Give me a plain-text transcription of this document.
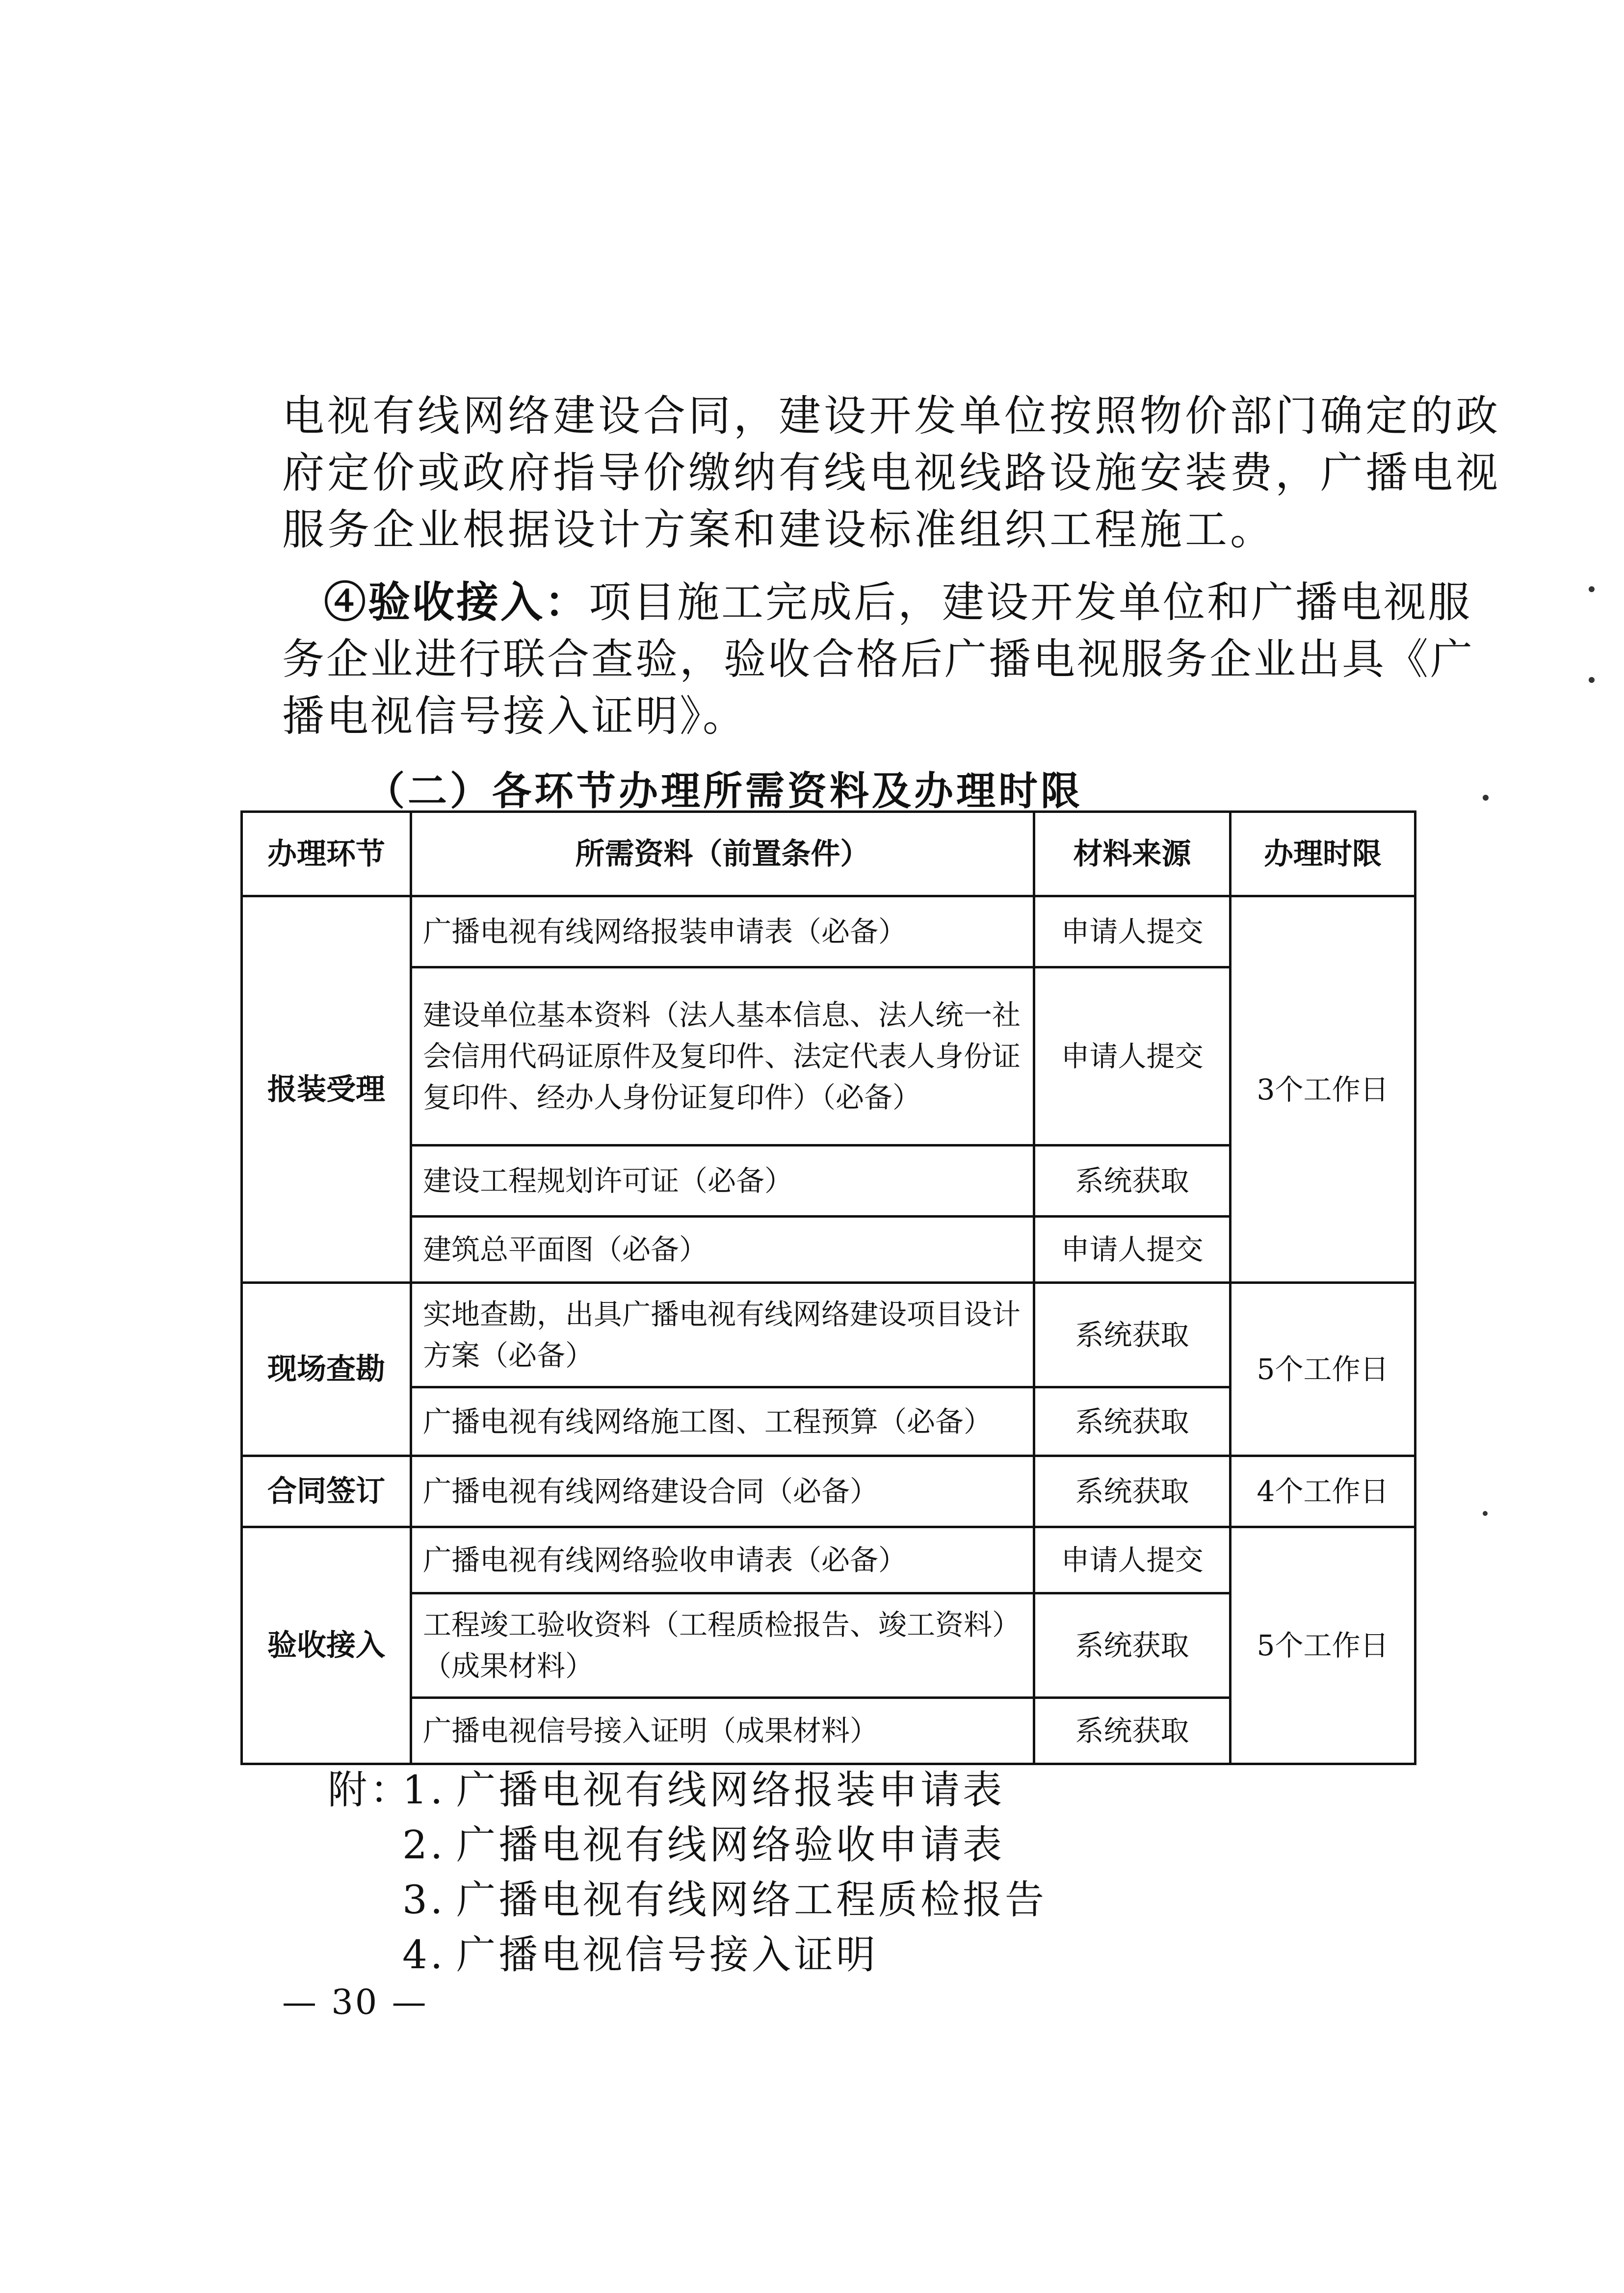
电视有线网络建设合同，建设开发单位按照物价部门确定的政
府定价或政府指导价缴纳有线电视线路设施安装费，广播电视
服务企业根据设计方案和建设标准组织工程施工。
④验收接入：项目施工完成后，建设开发单位和广播电视服
务企业进行联合查验，验收合格后广播电视服务企业出具《广
播电视信号接入证明》。
（二）各环节办理所需资料及办理时限
办理环节	所需资料（前置条件）	材料来源	办理时限
报装受理	广播电视有线网络报装申请表（必备）	申请人提交	3个工作日
	建设单位基本资料（法人基本信息、法人统一社会信用代码证原件及复印件、法定代表人身份证复印件、经办人身份证复印件）（必备）	申请人提交	
	建设工程规划许可证（必备）	系统获取	
	建筑总平面图（必备）	申请人提交	
现场查勘	实地查勘，出具广播电视有线网络建设项目设计方案（必备）	系统获取	5个工作日
	广播电视有线网络施工图、工程预算（必备）	系统获取	
合同签订	广播电视有线网络建设合同（必备）	系统获取	4个工作日
验收接入	广播电视有线网络验收申请表（必备）	申请人提交	5个工作日
	工程竣工验收资料（工程质检报告、竣工资料）（成果材料）	系统获取	
	广播电视信号接入证明（成果材料）	系统获取	
附：1. 广播电视有线网络报装申请表
2. 广播电视有线网络验收申请表
3. 广播电视有线网络工程质检报告
4. 广播电视信号接入证明
— 30 —
